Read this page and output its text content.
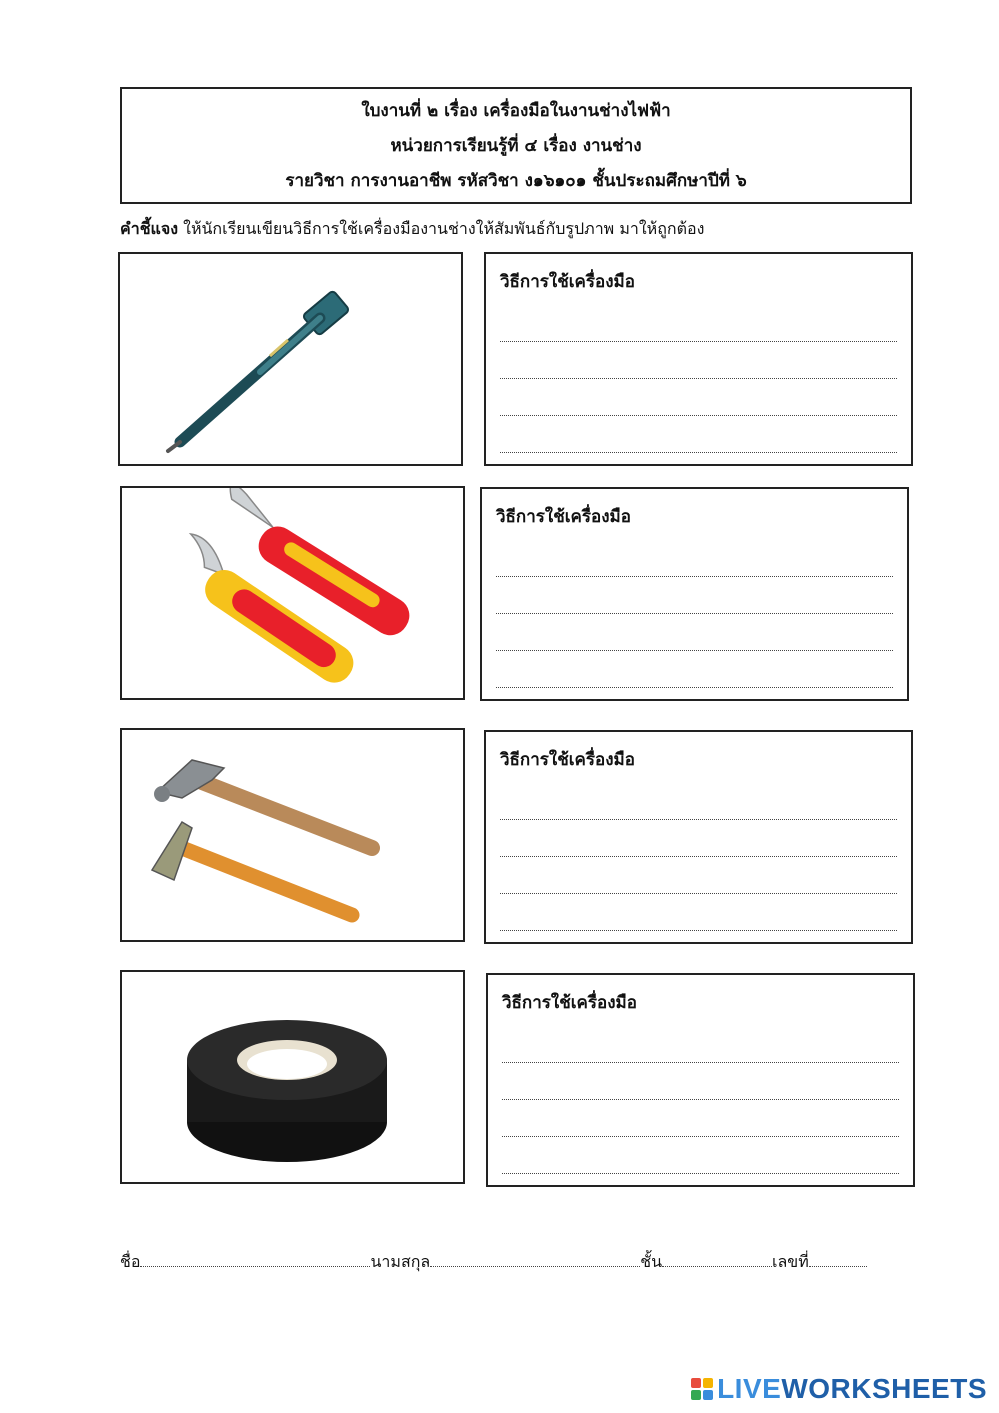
ใบงานที่ ๒ เรื่อง เครื่องมือในงานช่างไฟฟ้า
หน่วยการเรียนรู้ที่ ๔ เรื่อง งานช่าง
รายวิชา การงานอาชีพ รหัสวิชา ง๑๖๑๐๑ ชั้นประถมศึกษาปีที่ ๖
คำชี้แจง ให้นักเรียนเขียนวิธีการใช้เครื่องมืองานช่างให้สัมพันธ์กับรูปภาพ มาให้ถูกต้อง
วิธีการใช้เครื่องมือ
วิธีการใช้เครื่องมือ
วิธีการใช้เครื่องมือ
วิธีการใช้เครื่องมือ
ชื่อ	นามสกุล	ชั้น	เลขที่
LIVE WORKSHEETS
